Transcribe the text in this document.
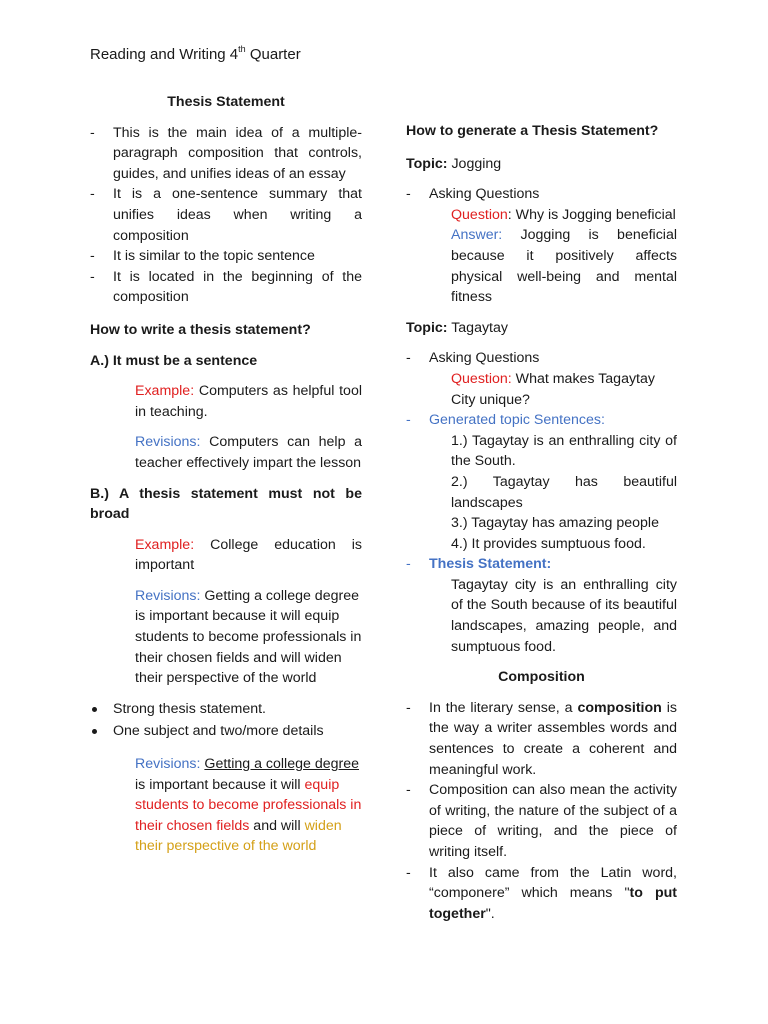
Reading and Writing 4th Quarter
Thesis Statement
- This is the main idea of a multiple-paragraph composition that controls, guides, and unifies ideas of an essay
- It is a one-sentence summary that unifies ideas when writing a composition
- It is similar to the topic sentence
- It is located in the beginning of the composition
How to write a thesis statement?
A.) It must be a sentence
Example: Computers as helpful tool in teaching.
Revisions: Computers can help a teacher effectively impart the lesson
B.) A thesis statement must not be broad
Example: College education is important
Revisions: Getting a college degree is important because it will equip students to become professionals in their chosen fields and will widen their perspective of the world
Strong thesis statement.
One subject and two/more details
Revisions: Getting a college degree is important because it will equip students to become professionals in their chosen fields and will widen their perspective of the world
How to generate a Thesis Statement?
Topic: Jogging
- Asking Questions
Question: Why is Jogging beneficial
Answer: Jogging is beneficial because it positively affects physical well-being and mental fitness
Topic: Tagaytay
- Asking Questions
Question: What makes Tagaytay City unique?
- Generated topic Sentences:
1.) Tagaytay is an enthralling city of the South.
2.) Tagaytay has beautiful landscapes
3.) Tagaytay has amazing people
4.) It provides sumptuous food.
- Thesis Statement:
Tagaytay city is an enthralling city of the South because of its beautiful landscapes, amazing people, and sumptuous food.
Composition
- In the literary sense, a composition is the way a writer assembles words and sentences to create a coherent and meaningful work.
- Composition can also mean the activity of writing, the nature of the subject of a piece of writing, and the piece of writing itself.
- It also came from the Latin word, “componere” which means "to put together".
